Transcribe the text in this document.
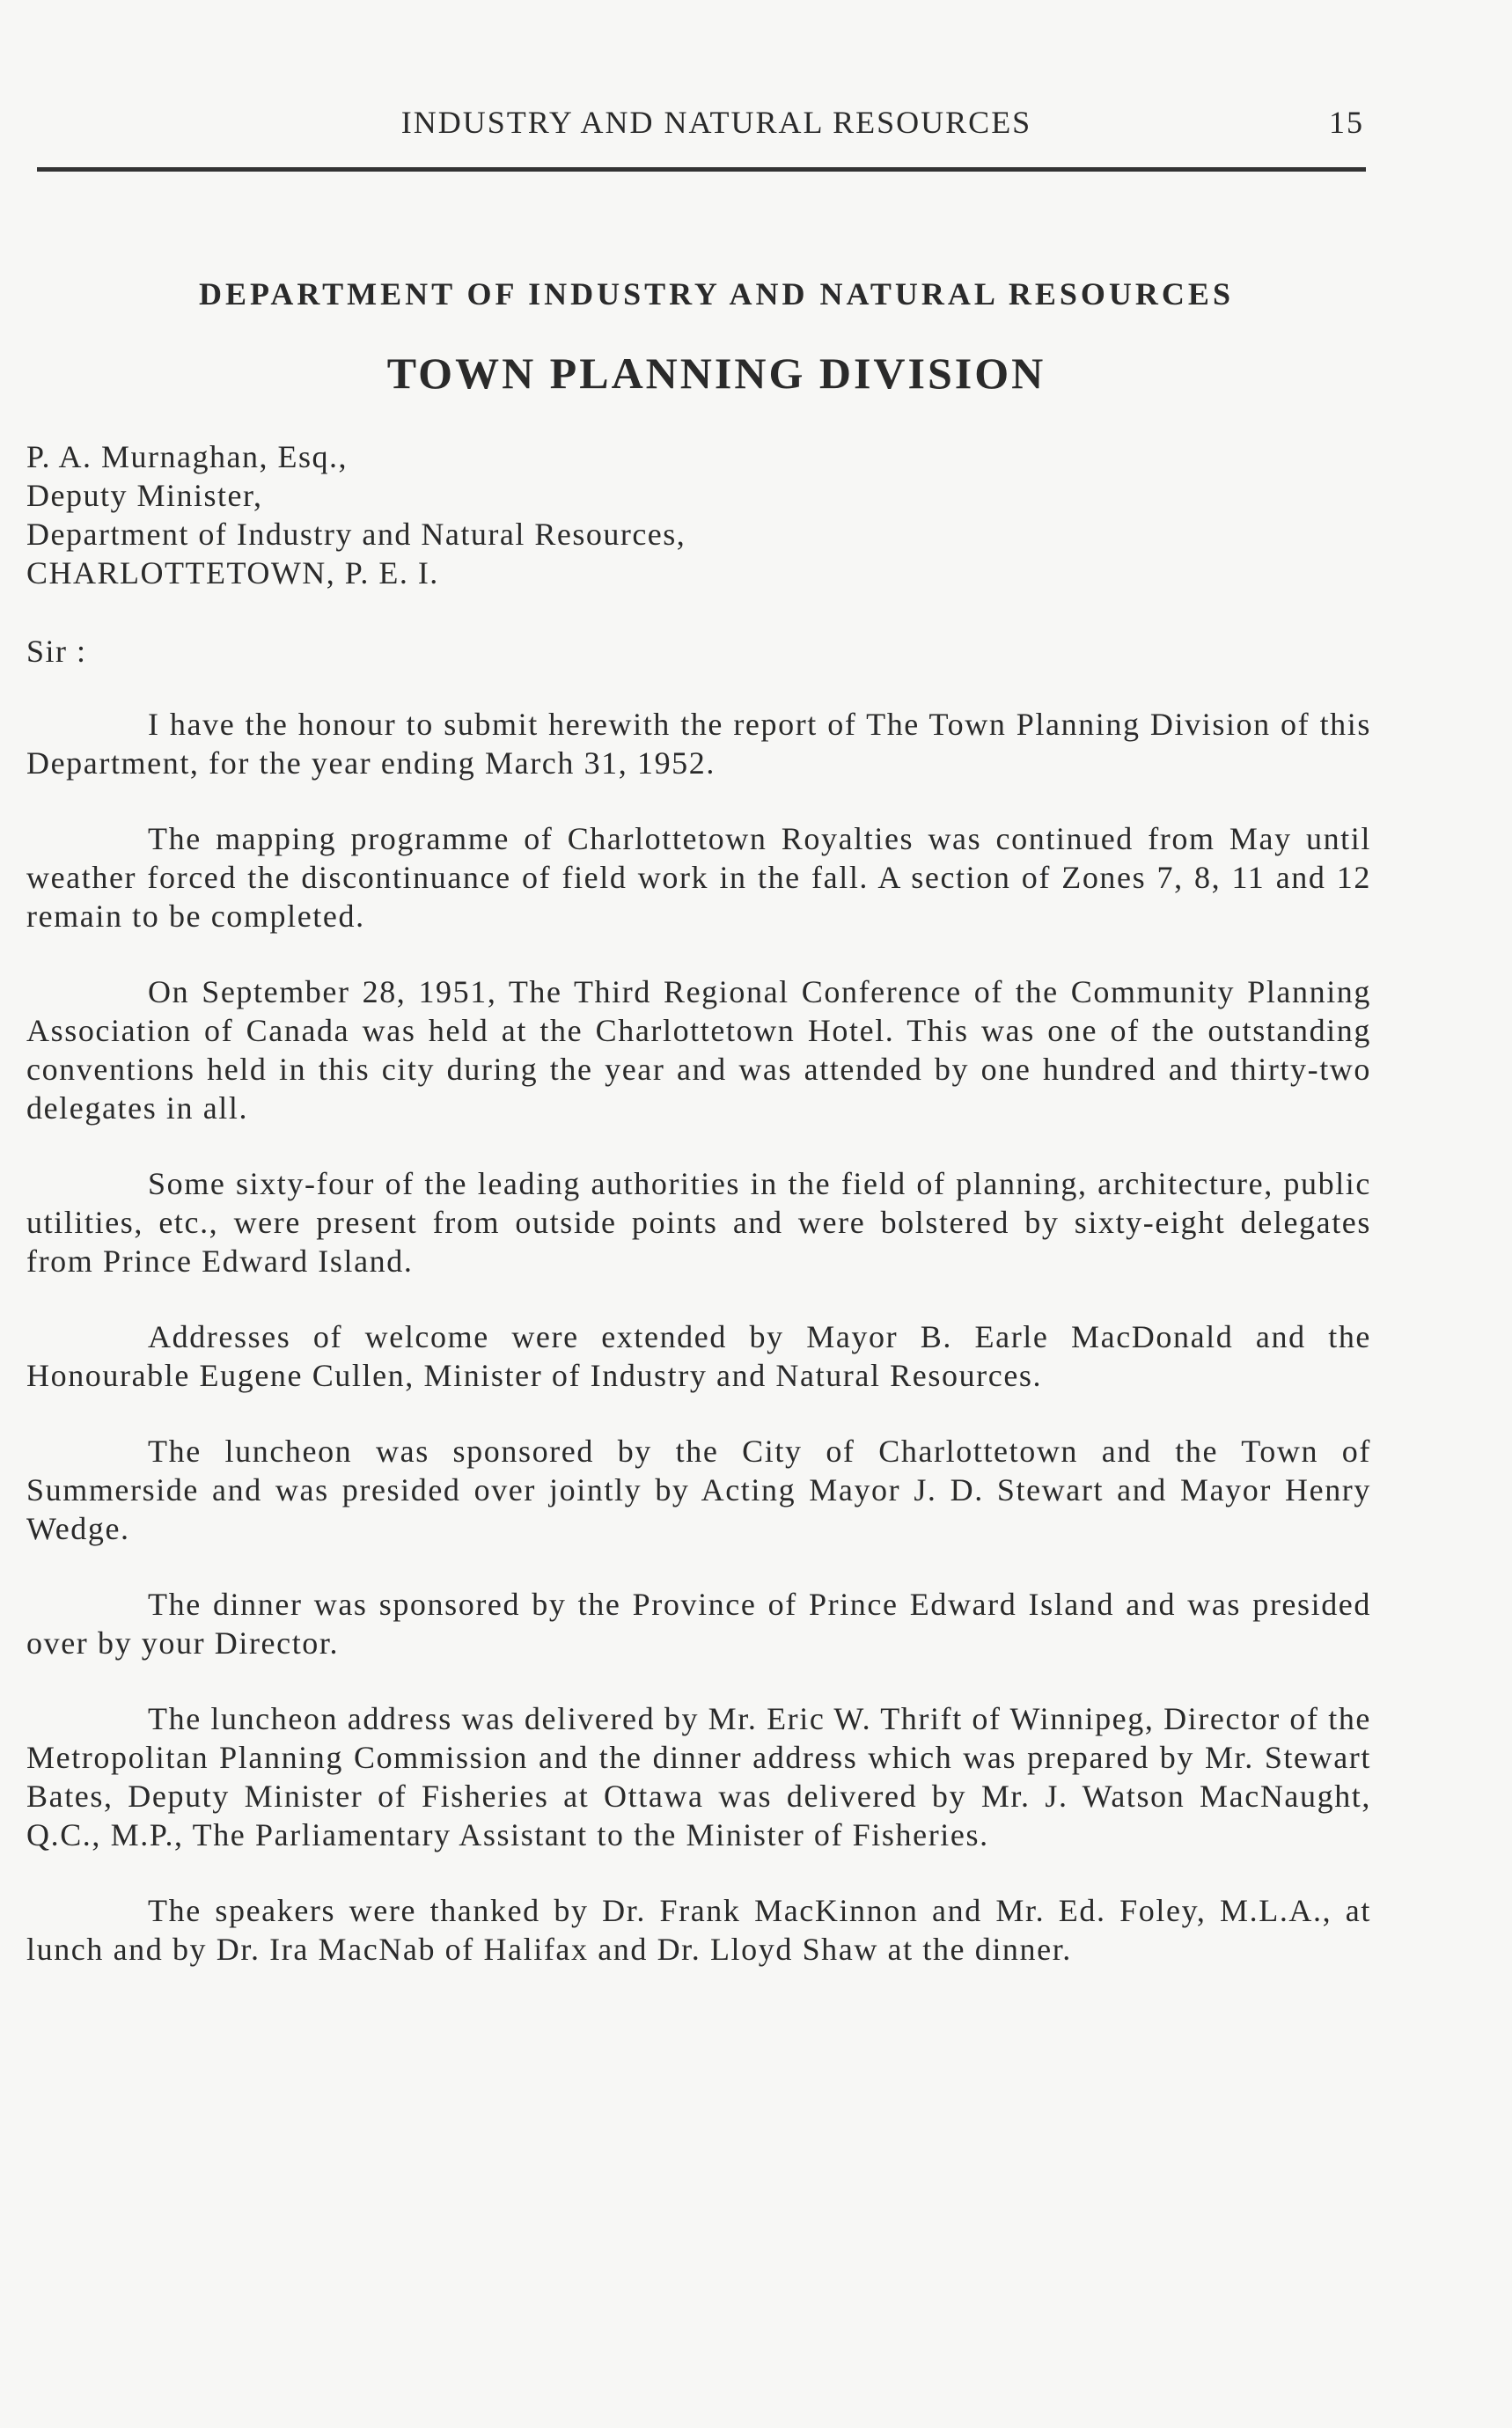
INDUSTRY AND NATURAL RESOURCES	15
DEPARTMENT OF INDUSTRY AND NATURAL RESOURCES
TOWN PLANNING DIVISION
P. A. Murnaghan, Esq.,
Deputy Minister,
Department of Industry and Natural Resources,
CHARLOTTETOWN, P. E. I.
Sir :

I have the honour to submit herewith the report of The Town Planning Division of this Department, for the year ending March 31, 1952.

The mapping programme of Charlottetown Royalties was continued from May until weather forced the discontinuance of field work in the fall. A section of Zones 7, 8, 11 and 12 remain to be completed.

On September 28, 1951, The Third Regional Conference of the Community Planning Association of Canada was held at the Charlottetown Hotel. This was one of the outstanding conventions held in this city during the year and was attended by one hundred and thirty-two delegates in all.

Some sixty-four of the leading authorities in the field of planning, architecture, public utilities, etc., were present from outside points and were bolstered by sixty-eight delegates from Prince Edward Island.

Addresses of welcome were extended by Mayor B. Earle MacDonald and the Honourable Eugene Cullen, Minister of Industry and Natural Resources.

The luncheon was sponsored by the City of Charlottetown and the Town of Summerside and was presided over jointly by Acting Mayor J. D. Stewart and Mayor Henry Wedge.

The dinner was sponsored by the Province of Prince Edward Island and was presided over by your Director.

The luncheon address was delivered by Mr. Eric W. Thrift of Winnipeg, Director of the Metropolitan Planning Commission and the dinner address which was prepared by Mr. Stewart Bates, Deputy Minister of Fisheries at Ottawa was delivered by Mr. J. Watson MacNaught, Q.C., M.P., The Parliamentary Assistant to the Minister of Fisheries.

The speakers were thanked by Dr. Frank MacKinnon and Mr. Ed. Foley, M.L.A., at lunch and by Dr. Ira MacNab of Halifax and Dr. Lloyd Shaw at the dinner.
